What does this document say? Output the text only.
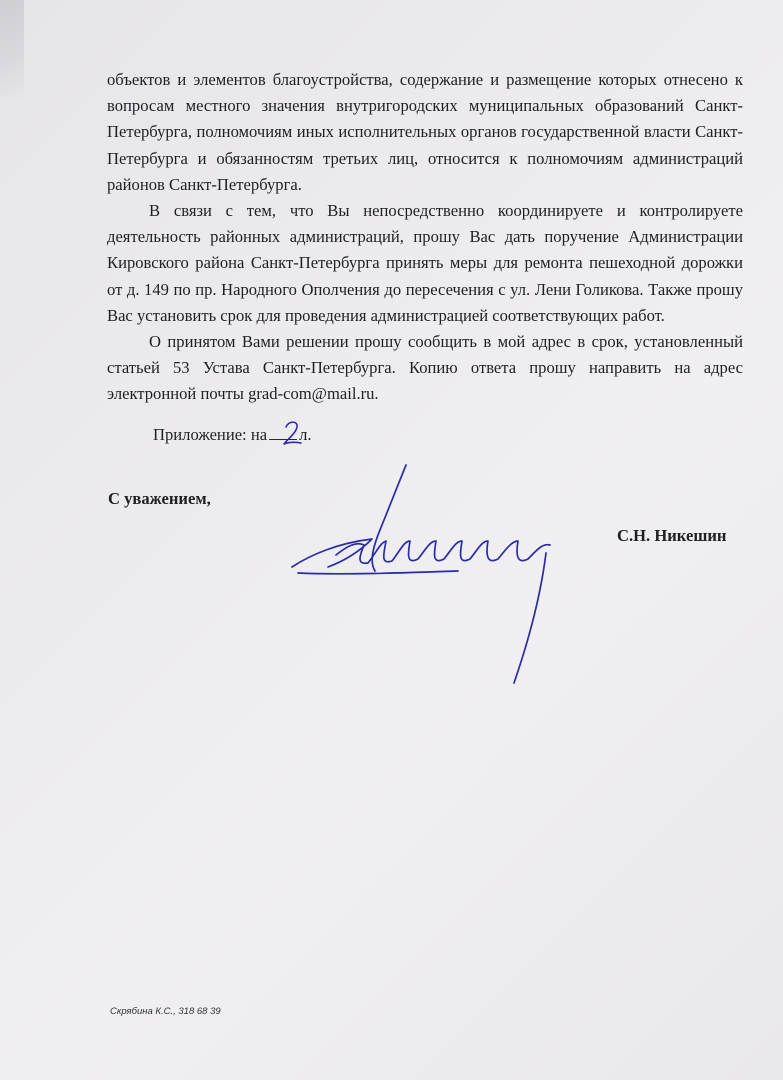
объектов и элементов благоустройства, содержание и размещение которых отнесено к вопросам местного значения внутригородских муниципальных образований Санкт-Петербурга, полномочиям иных исполнительных органов государственной власти Санкт-Петербурга и обязанностям третьих лиц, относится к полномочиям администраций районов Санкт-Петербурга.

В связи с тем, что Вы непосредственно координируете и контролируете деятельность районных администраций, прошу Вас дать поручение Администрации Кировского района Санкт-Петербурга принять меры для ремонта пешеходной дорожки от д. 149 по пр. Народного Ополчения до пересечения с ул. Лени Голикова. Также прошу Вас установить срок для проведения администрацией соответствующих работ.

О принятом Вами решении прошу сообщить в мой адрес в срок, установленный статьей 53 Устава Санкт-Петербурга. Копию ответа прошу направить на адрес электронной почты grad-com@mail.ru.

Приложение: на л.
С уважением,
С.Н. Никешин
Скрябина К.С., 318 68 39
